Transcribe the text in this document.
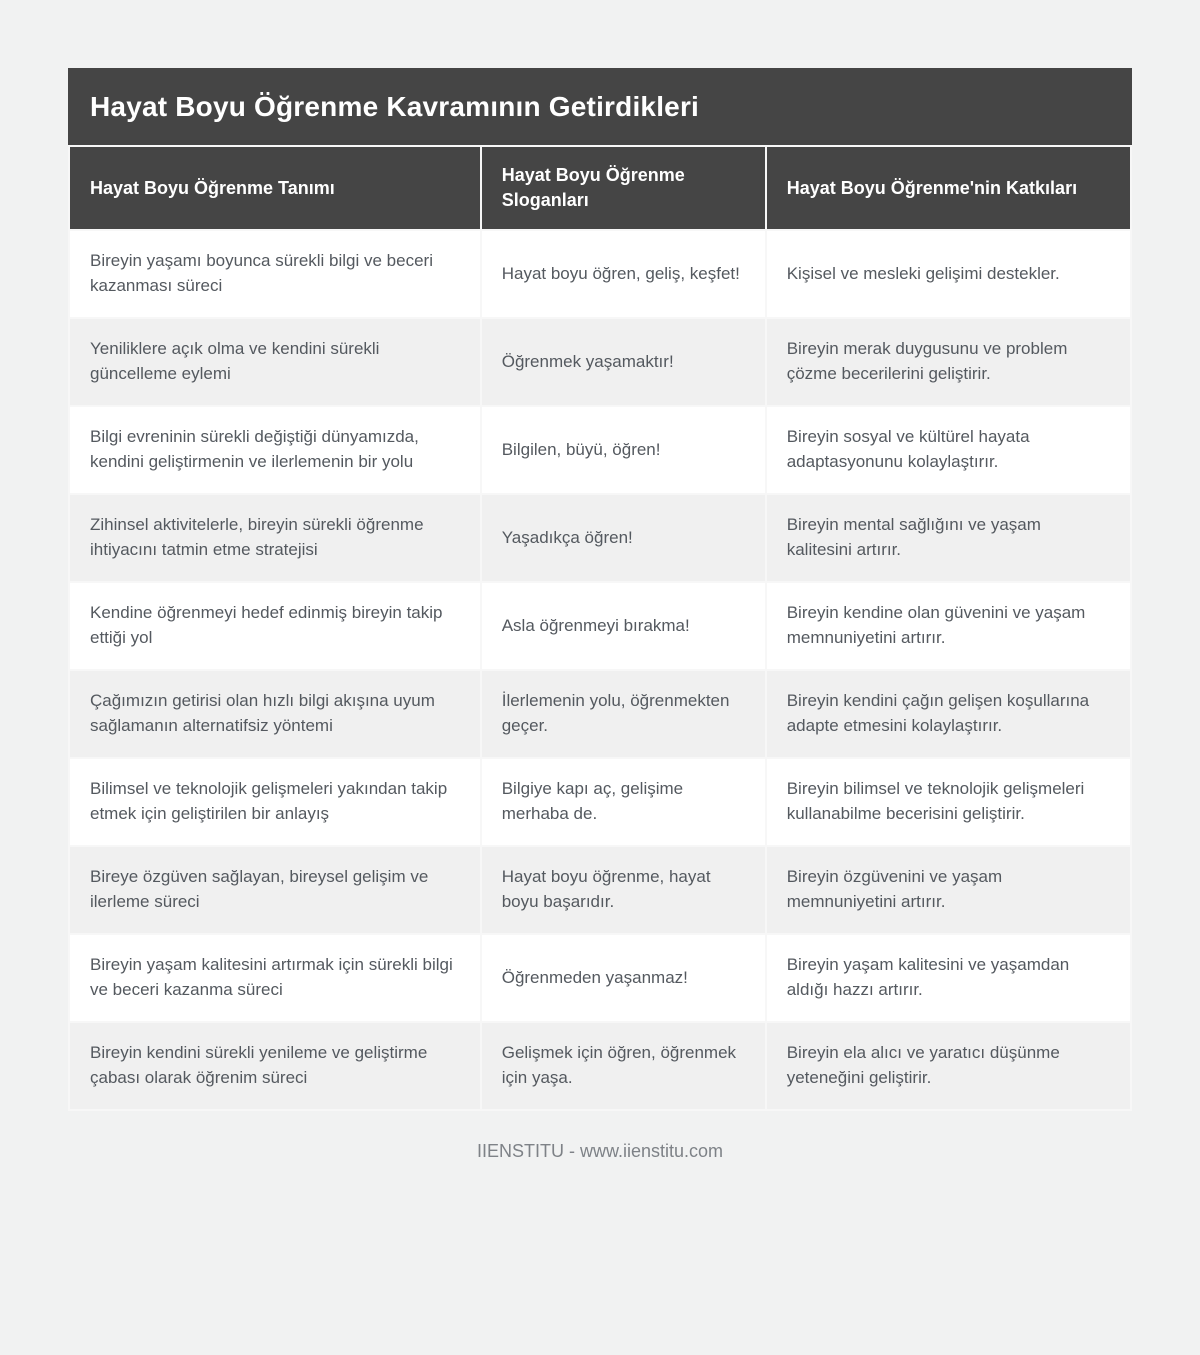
Hayat Boyu Öğrenme Kavramının Getirdikleri
Hayat Boyu Öğrenme Tanımı	Hayat Boyu Öğrenme Sloganları	Hayat Boyu Öğrenme'nin Katkıları
Bireyin yaşamı boyunca sürekli bilgi ve beceri kazanması süreci	Hayat boyu öğren, geliş, keşfet!	Kişisel ve mesleki gelişimi destekler.
Yeniliklere açık olma ve kendini sürekli güncelleme eylemi	Öğrenmek yaşamaktır!	Bireyin merak duygusunu ve problem çözme becerilerini geliştirir.
Bilgi evreninin sürekli değiştiği dünyamızda, kendini geliştirmenin ve ilerlemenin bir yolu	Bilgilen, büyü, öğren!	Bireyin sosyal ve kültürel hayata adaptasyonunu kolaylaştırır.
Zihinsel aktivitelerle, bireyin sürekli öğrenme ihtiyacını tatmin etme stratejisi	Yaşadıkça öğren!	Bireyin mental sağlığını ve yaşam kalitesini artırır.
Kendine öğrenmeyi hedef edinmiş bireyin takip ettiği yol	Asla öğrenmeyi bırakma!	Bireyin kendine olan güvenini ve yaşam memnuniyetini artırır.
Çağımızın getirisi olan hızlı bilgi akışına uyum sağlamanın alternatifsiz yöntemi	İlerlemenin yolu, öğrenmekten geçer.	Bireyin kendini çağın gelişen koşullarına adapte etmesini kolaylaştırır.
Bilimsel ve teknolojik gelişmeleri yakından takip etmek için geliştirilen bir anlayış	Bilgiye kapı aç, gelişime merhaba de.	Bireyin bilimsel ve teknolojik gelişmeleri kullanabilme becerisini geliştirir.
Bireye özgüven sağlayan, bireysel gelişim ve ilerleme süreci	Hayat boyu öğrenme, hayat boyu başarıdır.	Bireyin özgüvenini ve yaşam memnuniyetini artırır.
Bireyin yaşam kalitesini artırmak için sürekli bilgi ve beceri kazanma süreci	Öğrenmeden yaşanmaz!	Bireyin yaşam kalitesini ve yaşamdan aldığı hazzı artırır.
Bireyin kendini sürekli yenileme ve geliştirme çabası olarak öğrenim süreci	Gelişmek için öğren, öğrenmek için yaşa.	Bireyin ela alıcı ve yaratıcı düşünme yeteneğini geliştirir.
IIENSTITU - www.iienstitu.com
